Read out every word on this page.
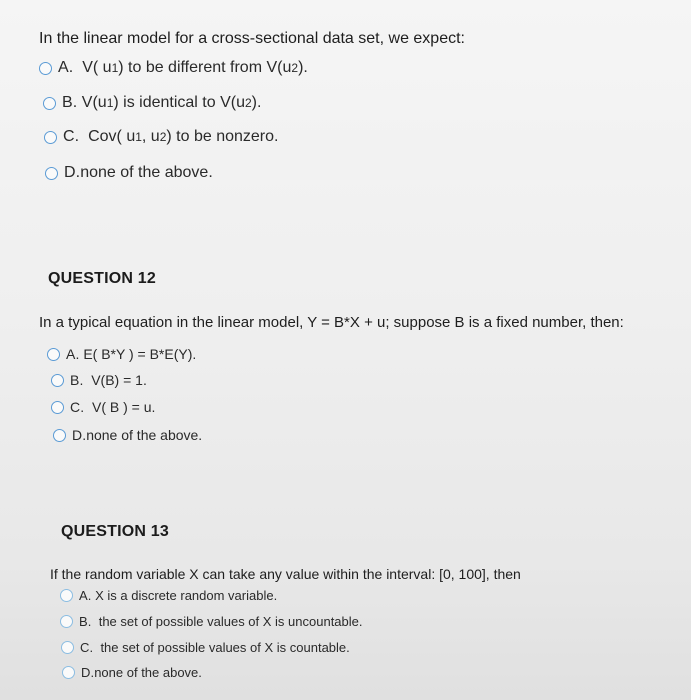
In the linear model for a cross-sectional data set, we expect:
A.
V( u 1 ) to be different from V(u 2 ).
B.
V(u 1 ) is identical to V(u 2 ).
C.
Cov( u 1 , u 2 ) to be nonzero.
D. none of the above.
QUESTION 12
In a typical equation in the linear model, Y = B*X + u; suppose B is a fixed number, then:
A.
E( B*Y ) = B*E(Y).
B.
V(B) = 1.
C.
V( B ) = u.
D. none of the above.
QUESTION 13
If the random variable X can take any value within the interval: [0, 100], then
A.
X is a discrete random variable.
B.
the set of possible values of X is uncountable.
C.
the set of possible values of X is countable.
D. none of the above.
